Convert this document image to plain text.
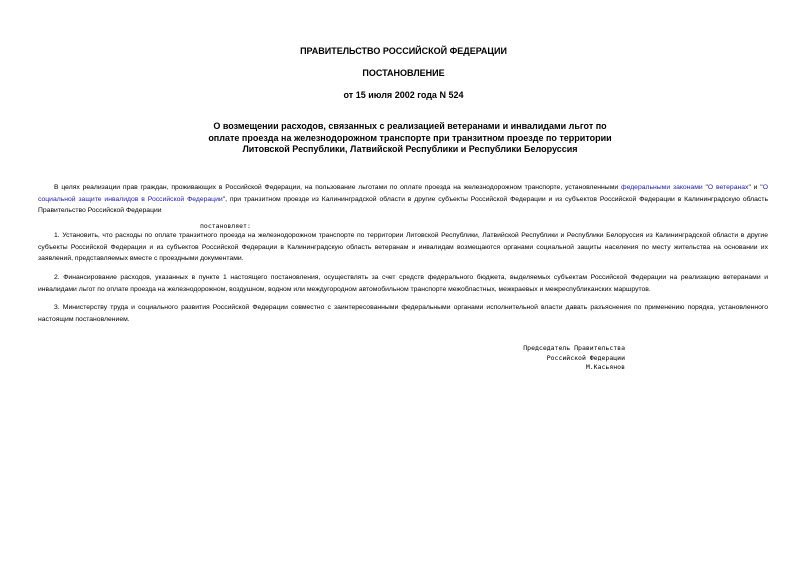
ПРАВИТЕЛЬСТВО РОССИЙСКОЙ ФЕДЕРАЦИИ

ПОСТАНОВЛЕНИЕ

от 15 июля 2002 года N 524

О возмещении расходов, связанных с реализацией ветеранами и инвалидами льгот по оплате проезда на железнодорожном транспорте при транзитном проезде по территории Литовской Республики, Латвийской Республики и Республики Белоруссия

В целях реализации прав граждан, проживающих в Российской Федерации, на пользование льготами по оплате проезда на железнодорожном транспорте, установленными федеральными законами "О ветеранах" и "О социальной защите инвалидов в Российской Федерации", при транзитном проезде из Калининградской области в другие субъекты Российской Федерации и из субъектов Российской Федерации в Калининградскую область Правительство Российской Федерации

постановляет:

1. Установить, что расходы по оплате транзитного проезда на железнодорожном транспорте по территории Литовской Республики, Латвийской Республики и Республики Белоруссия из Калининградской области в другие субъекты Российской Федерации и из субъектов Российской Федерации в Калининградскую область ветеранам и инвалидам возмещаются органами социальной защиты населения по месту жительства на основании их заявлений, представляемых вместе с проездными документами.

2. Финансирование расходов, указанных в пункте 1 настоящего постановления, осуществлять за счет средств федерального бюджета, выделяемых субъектам Российской Федерации на реализацию ветеранами и инвалидами льгот по оплате проезда на железнодорожном, воздушном, водном или междугородном автомобильном транспорте межобластных, межкраевых и межреспубликанских маршрутов.

3. Министерству труда и социального развития Российской Федерации совместно с заинтересованными федеральными органами исполнительной власти давать разъяснения по применению порядка, установленного настоящим постановлением.

Председатель Правительства
Российской Федерации
М.Касьянов
